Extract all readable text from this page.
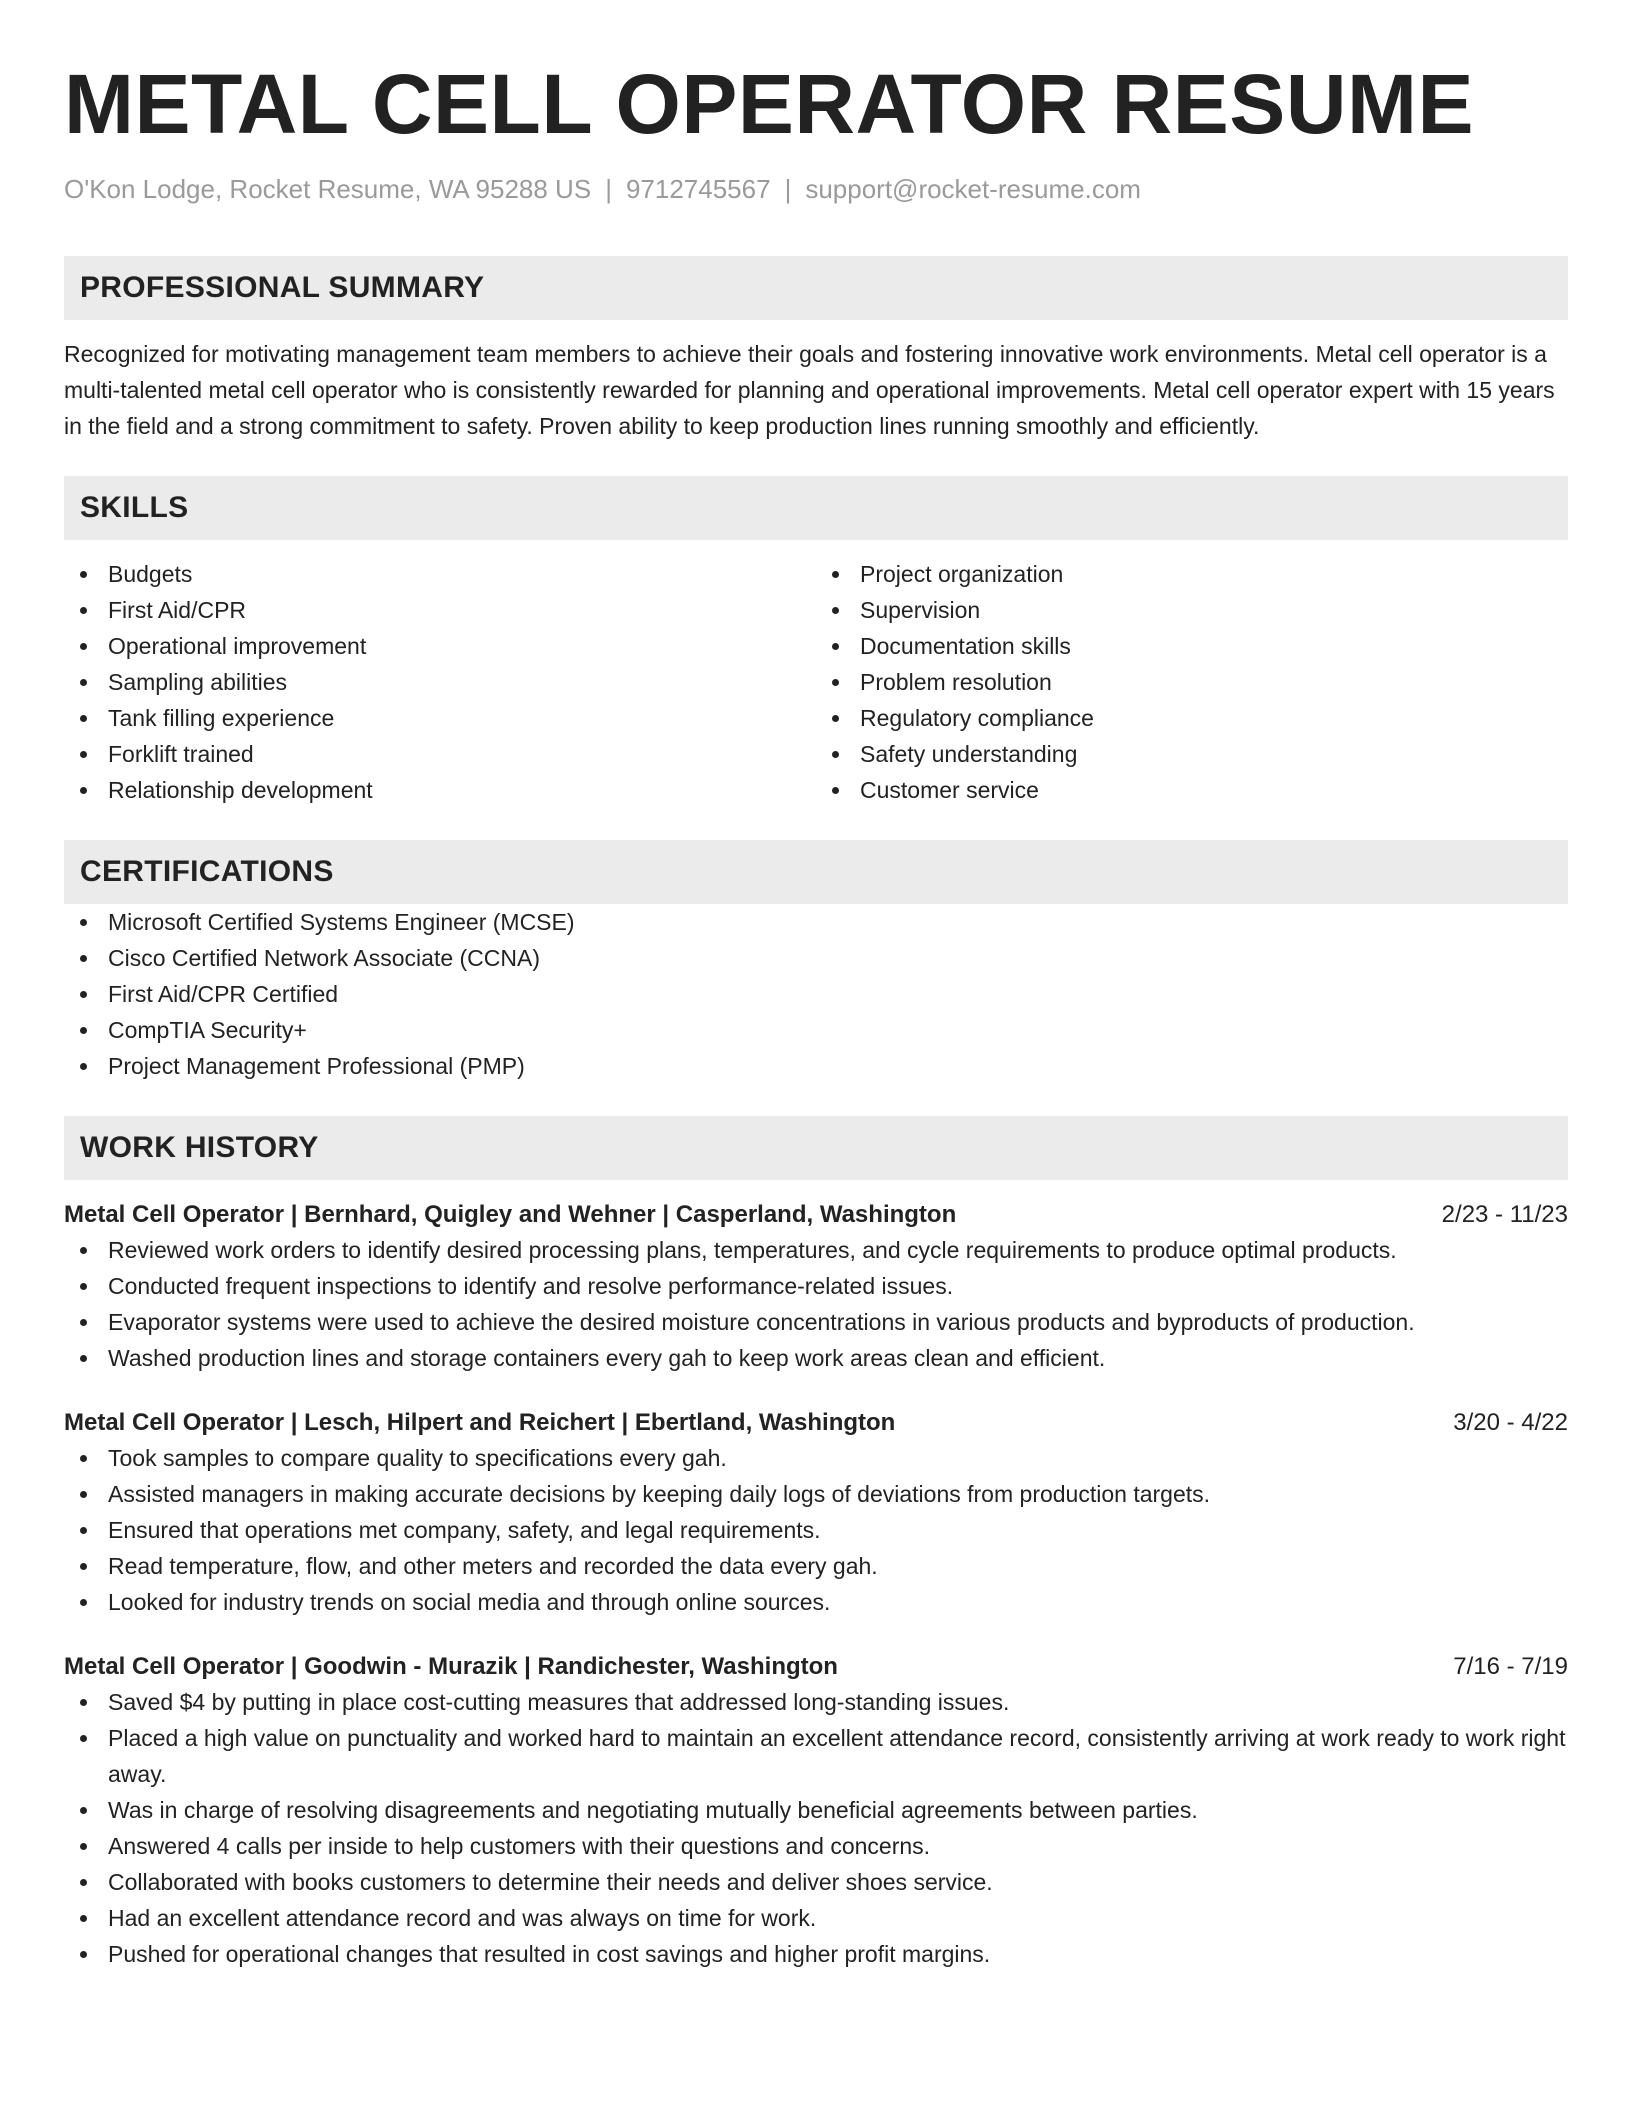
METAL CELL OPERATOR RESUME
O'Kon Lodge, Rocket Resume, WA 95288 US | 9712745567 | support@rocket-resume.com
PROFESSIONAL SUMMARY

Recognized for motivating management team members to achieve their goals and fostering innovative work environments. Metal cell operator is a multi-talented metal cell operator who is consistently rewarded for planning and operational improvements. Metal cell operator expert with 15 years in the field and a strong commitment to safety. Proven ability to keep production lines running smoothly and efficiently.

SKILLS
Budgets
First Aid/CPR
Operational improvement
Sampling abilities
Tank filling experience
Forklift trained
Relationship development
Project organization
Supervision
Documentation skills
Problem resolution
Regulatory compliance
Safety understanding
Customer service
CERTIFICATIONS
Microsoft Certified Systems Engineer (MCSE)
Cisco Certified Network Associate (CCNA)
First Aid/CPR Certified
CompTIA Security+
Project Management Professional (PMP)
WORK HISTORY
Metal Cell Operator | Bernhard, Quigley and Wehner | Casperland, Washington	2/23 - 11/23
Reviewed work orders to identify desired processing plans, temperatures, and cycle requirements to produce optimal products.
Conducted frequent inspections to identify and resolve performance-related issues.
Evaporator systems were used to achieve the desired moisture concentrations in various products and byproducts of production.
Washed production lines and storage containers every gah to keep work areas clean and efficient.
Metal Cell Operator | Lesch, Hilpert and Reichert | Ebertland, Washington	3/20 - 4/22
Took samples to compare quality to specifications every gah.
Assisted managers in making accurate decisions by keeping daily logs of deviations from production targets.
Ensured that operations met company, safety, and legal requirements.
Read temperature, flow, and other meters and recorded the data every gah.
Looked for industry trends on social media and through online sources.
Metal Cell Operator | Goodwin - Murazik | Randichester, Washington	7/16 - 7/19
Saved $4 by putting in place cost-cutting measures that addressed long-standing issues.
Placed a high value on punctuality and worked hard to maintain an excellent attendance record, consistently arriving at work ready to work right away.
Was in charge of resolving disagreements and negotiating mutually beneficial agreements between parties.
Answered 4 calls per inside to help customers with their questions and concerns.
Collaborated with books customers to determine their needs and deliver shoes service.
Had an excellent attendance record and was always on time for work.
Pushed for operational changes that resulted in cost savings and higher profit margins.
